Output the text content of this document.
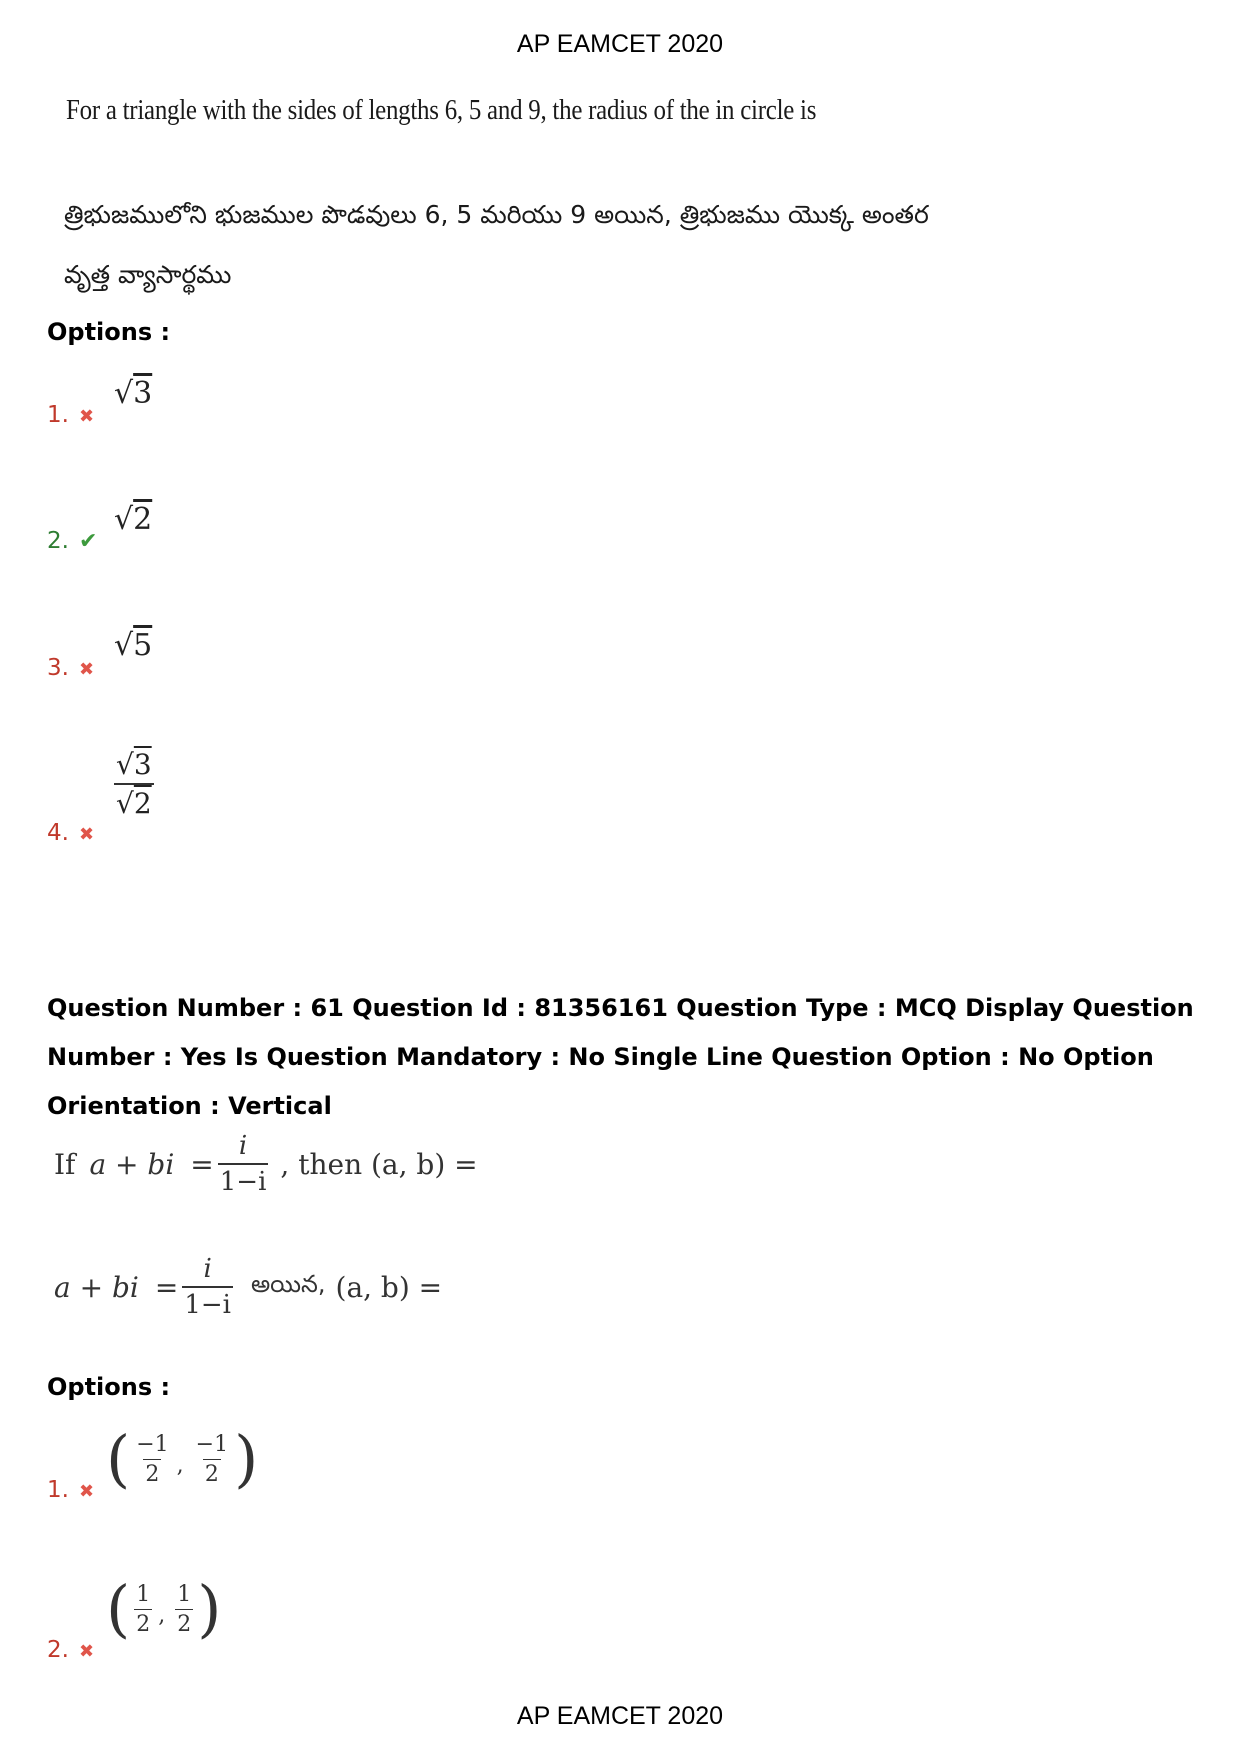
AP EAMCET 2020
For a triangle with the sides of lengths 6, 5 and 9, the radius of the in circle is
త్రిభుజములోని భుజముల పొడవులు 6, 5 మరియు 9 అయిన, త్రిభుజము యొక్క అంతర వృత్త వ్యాసార్థము
Options :
1. ✖
√3
2. ✔
√2
3. ✖
√5
4. ✖
$\frac{√3}{√2}$
Question Number : 61 Question Id : 81356161 Question Type : MCQ Display Question Number : Yes Is Question Mandatory : No Single Line Question Option : No Option Orientation : Vertical
If a + bi = $\frac{i}{1-i}$ , then (a, b) =
a + bi = $\frac{i}{1-i}$ అయిన, (a, b) =
Options :
1. ✖ ( $\frac{-1}{2}$ , $\frac{-1}{2}$ )
2. ✖
( $\frac{1}{2}$ , $\frac{1}{2}$ )
AP EAMCET 2020
